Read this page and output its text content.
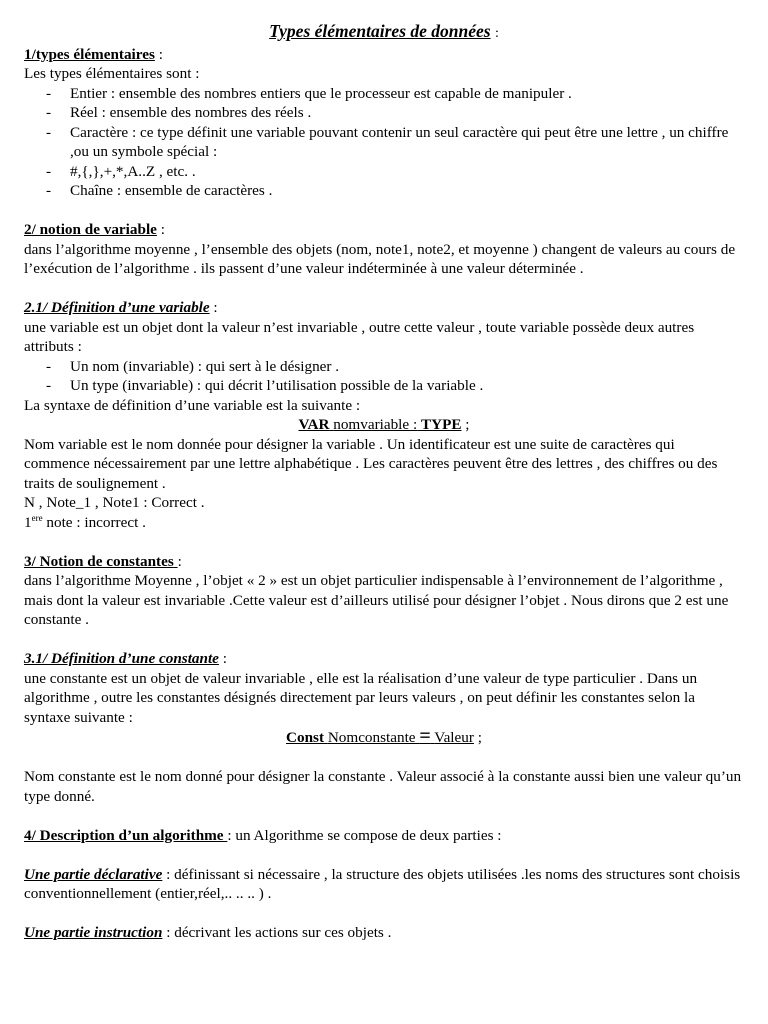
Types élémentaires de données :

1/types élémentaires :

Les types élémentaires sont :

- Entier : ensemble des nombres entiers que le processeur est capable de manipuler .
- Réel : ensemble des nombres des réels .
- Caractère : ce type définit une variable pouvant contenir un seul caractère qui peut être une lettre , un chiffre ,ou un symbole spécial :
- #,{,},+,*,A..Z , etc. .
- Chaîne : ensemble de caractères .

2/ notion de variable :

dans l’algorithme moyenne , l’ensemble des objets (nom, note1, note2, et moyenne ) changent de valeurs au cours de l’exécution de l’algorithme . ils passent d’une valeur indéterminée à une valeur déterminée .

2.1/ Définition d’une variable :

une variable est un objet dont la valeur n’est invariable , outre cette valeur , toute variable possède deux autres attributs :

- Un nom (invariable) : qui sert à le désigner .
- Un type (invariable) : qui décrit l’utilisation possible de la variable .

La syntaxe de définition d’une variable est la suivante :

VAR nomvariable : TYPE ;

Nom variable est le nom donnée pour désigner la variable . Un identificateur est une suite de caractères qui commence nécessairement par une lettre alphabétique . Les caractères peuvent être des lettres , des chiffres ou des traits de soulignement .

N , Note_1 , Note1 : Correct .

1ere note : incorrect .

3/ Notion de constantes :

dans l’algorithme Moyenne , l’objet « 2 » est un objet particulier indispensable à l’environnement de l’algorithme , mais dont la valeur est invariable .Cette valeur est d’ailleurs utilisé pour désigner l’objet . Nous dirons que 2 est une constante .

3.1/ Définition d’une constante :

une constante est un objet de valeur invariable , elle est la réalisation d’une valeur de type particulier . Dans un algorithme , outre les constantes désignés directement par leurs valeurs , on peut définir les constantes selon la syntaxe suivante :

Const Nomconstante = Valeur ;

Nom constante est le nom donné pour désigner la constante . Valeur associé à la constante aussi bien une valeur qu’un type donné.

4/ Description d’un algorithme : un Algorithme se compose de deux parties :

Une partie déclarative : définissant si nécessaire , la structure des objets utilisées .les noms des structures sont choisis conventionnellement (entier,réel,.. .. .. ) .

Une partie instruction : décrivant les actions sur ces objets .
